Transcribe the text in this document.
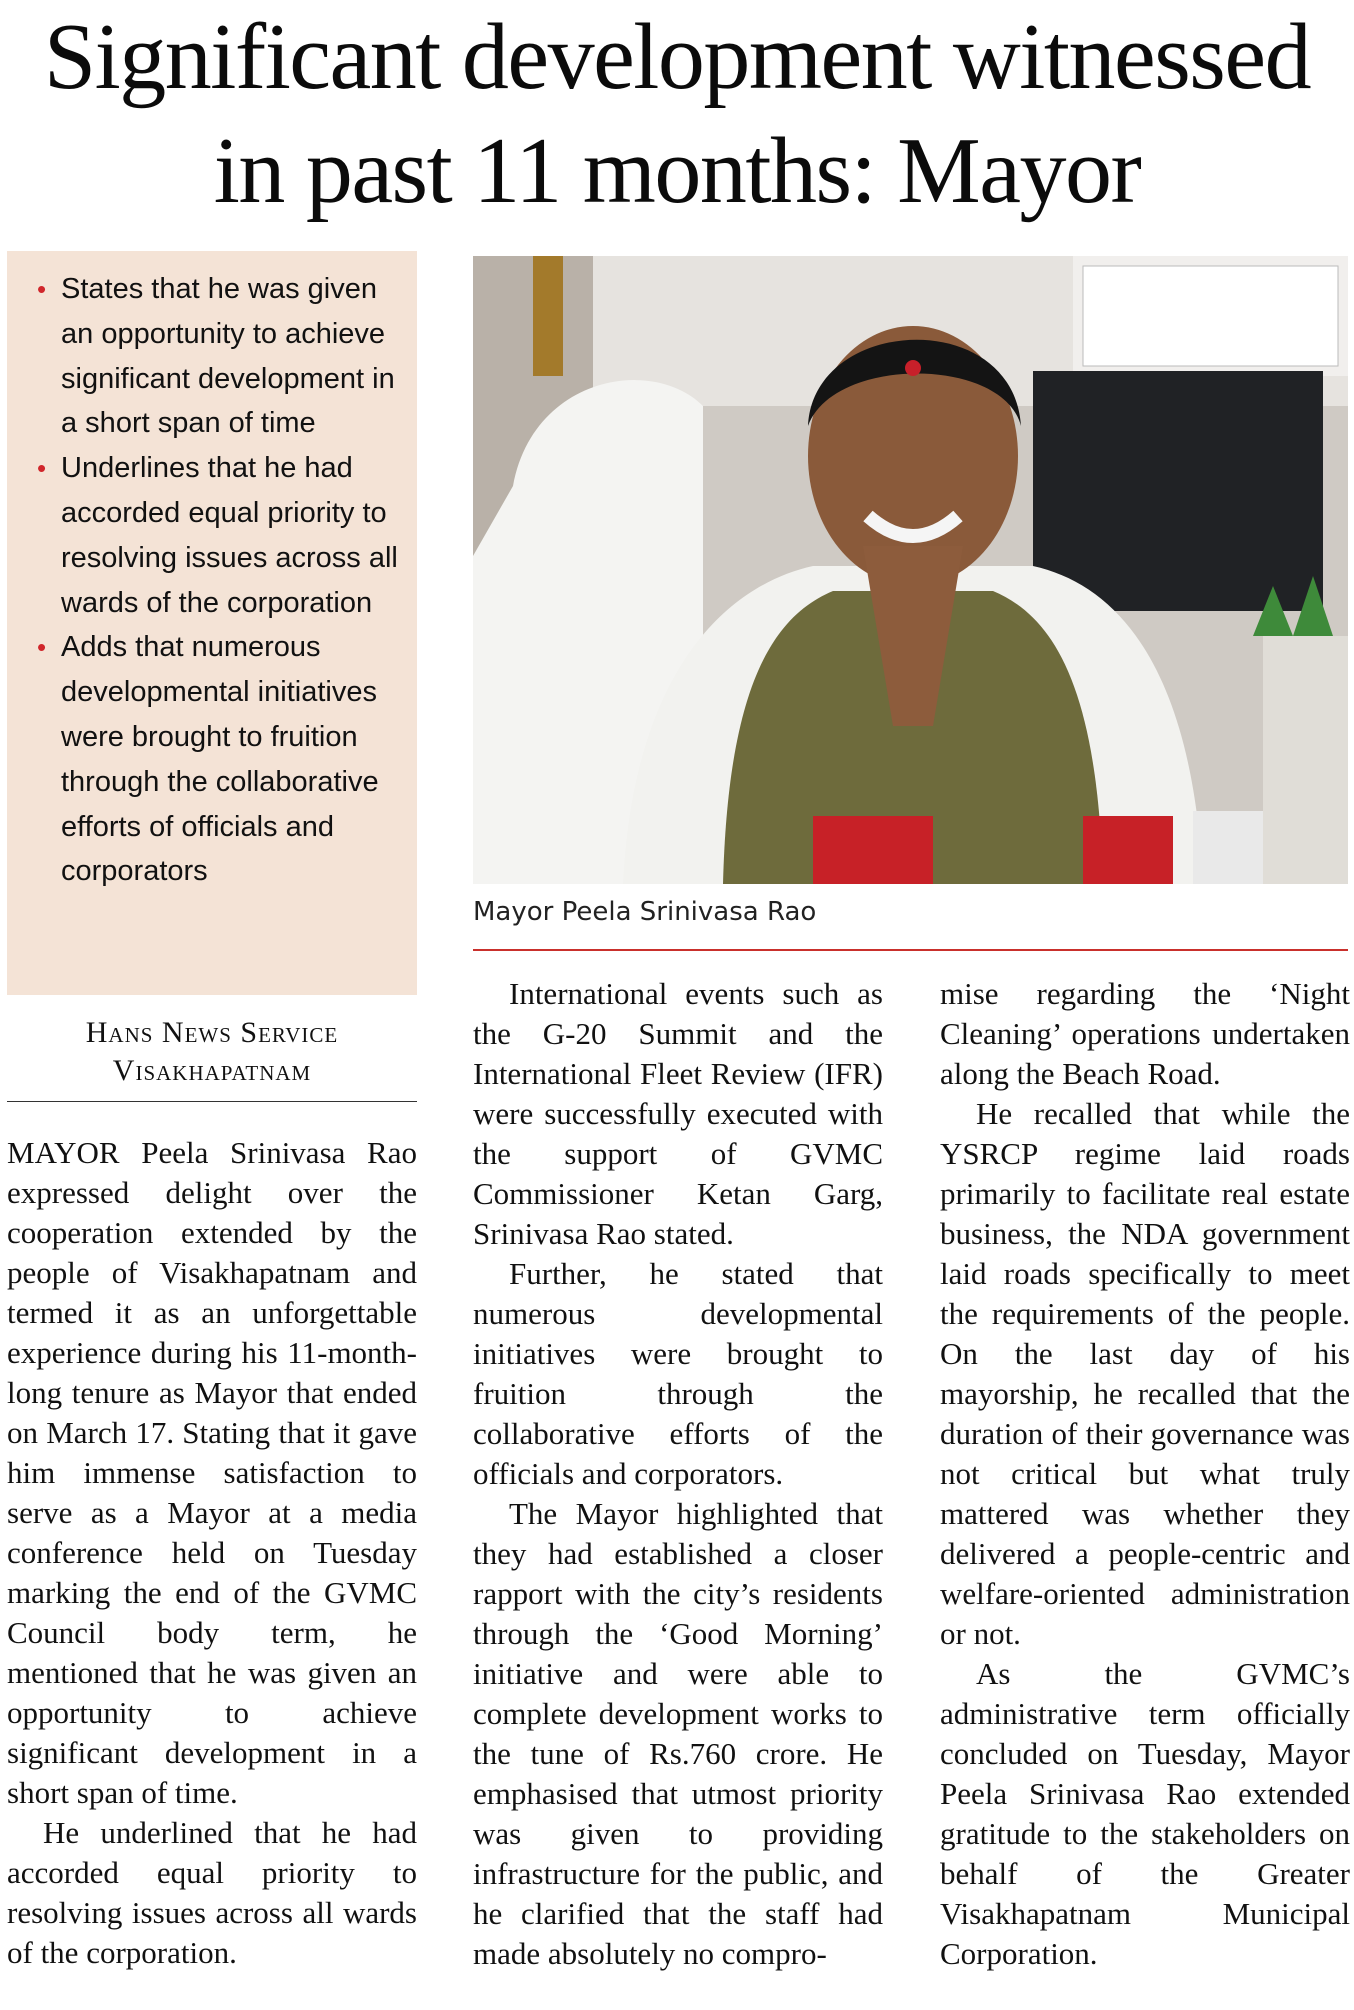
Significant development witnessed
in past 11 months: Mayor
• States that he was given an opportunity to achieve significant development in a short span of time
• Underlines that he had accorded equal priority to resolving issues across all wards of the corporation
• Adds that numerous developmental initiatives were brought to fruition through the collaborative efforts of officials and corporators
Hans News Service
Visakhapatnam
Mayor Peela Srinivasa Rao

MAYOR Peela Srinivasa Rao expressed delight over the cooperation extended by the people of Visakhapatnam and termed it as an unforgettable experience during his 11-month-long tenure as Mayor that ended on March 17. Stating that it gave him immense satisfaction to serve as a Mayor at a media conference held on Tuesday marking the end of the GVMC Council body term, he mentioned that he was given an opportunity to achieve significant development in a short span of time.

He underlined that he had accorded equal priority to resolving issues across all wards of the corporation.

International events such as the G-20 Summit and the International Fleet Review (IFR) were successfully executed with the support of GVMC Commissioner Ketan Garg, Srinivasa Rao stated.

Further, he stated that numerous developmental initiatives were brought to fruition through the collaborative efforts of the officials and corporators.

The Mayor highlighted that they had established a closer rapport with the city’s residents through the ‘Good Morning’ initiative and were able to complete development works to the tune of Rs.760 crore. He emphasised that utmost priority was given to providing infrastructure for the public, and he clarified that the staff had made absolutely no compro-

mise regarding the ‘Night Cleaning’ operations undertaken along the Beach Road.

He recalled that while the YSRCP regime laid roads primarily to facilitate real estate business, the NDA government laid roads specifically to meet the requirements of the people. On the last day of his mayorship, he recalled that the duration of their governance was not critical but what truly mattered was whether they delivered a people-centric and welfare-oriented administration or not.

As the GVMC’s administrative term officially concluded on Tuesday, Mayor Peela Srinivasa Rao extended gratitude to the stakeholders on behalf of the Greater Visakhapatnam Municipal Corporation.
